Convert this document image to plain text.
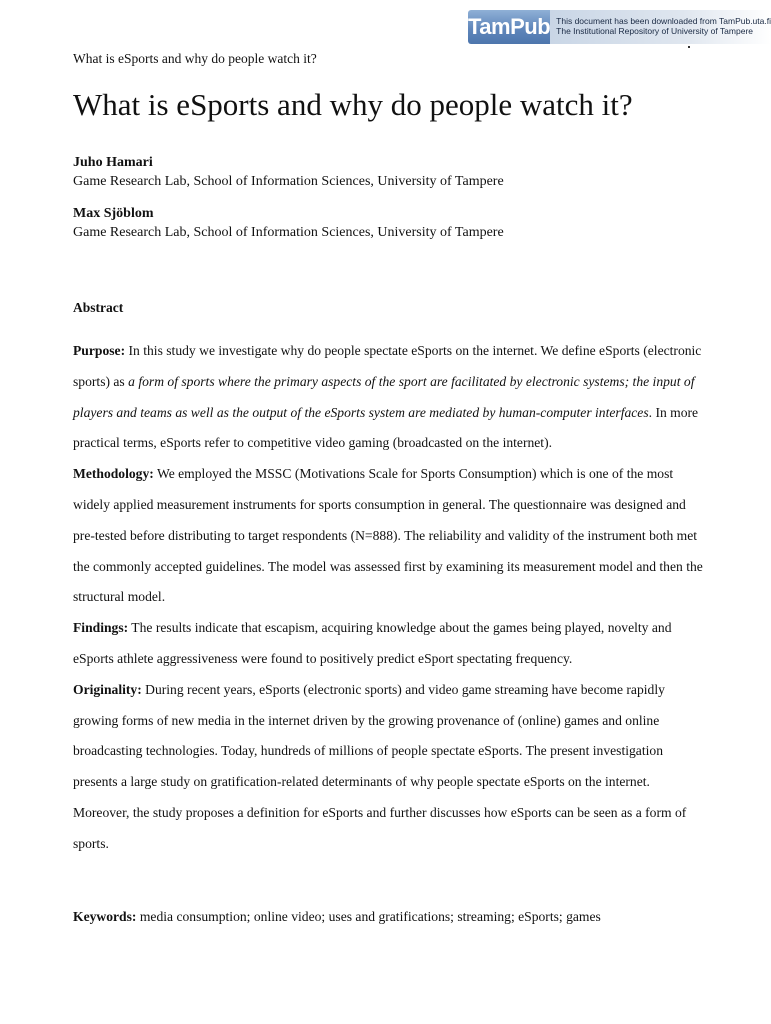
TamPub This document has been downloaded from TamPub.uta.fi
The Institutional Repository of University of Tampere
What is eSports and why do people watch it?
What is eSports and why do people watch it?
Juho Hamari
Game Research Lab, School of Information Sciences, University of Tampere
Max Sjöblom
Game Research Lab, School of Information Sciences, University of Tampere
Abstract

Purpose: In this study we investigate why do people spectate eSports on the internet. We define eSports (electronic sports) as a form of sports where the primary aspects of the sport are facilitated by electronic systems; the input of players and teams as well as the output of the eSports system are mediated by human-computer interfaces. In more practical terms, eSports refer to competitive video gaming (broadcasted on the internet).

Methodology: We employed the MSSC (Motivations Scale for Sports Consumption) which is one of the most widely applied measurement instruments for sports consumption in general. The questionnaire was designed and pre-tested before distributing to target respondents (N=888). The reliability and validity of the instrument both met the commonly accepted guidelines. The model was assessed first by examining its measurement model and then the structural model.

Findings: The results indicate that escapism, acquiring knowledge about the games being played, novelty and eSports athlete aggressiveness were found to positively predict eSport spectating frequency.

Originality: During recent years, eSports (electronic sports) and video game streaming have become rapidly growing forms of new media in the internet driven by the growing provenance of (online) games and online broadcasting technologies. Today, hundreds of millions of people spectate eSports. The present investigation presents a large study on gratification-related determinants of why people spectate eSports on the internet. Moreover, the study proposes a definition for eSports and further discusses how eSports can be seen as a form of sports.

Keywords: media consumption; online video; uses and gratifications; streaming; eSports; games
